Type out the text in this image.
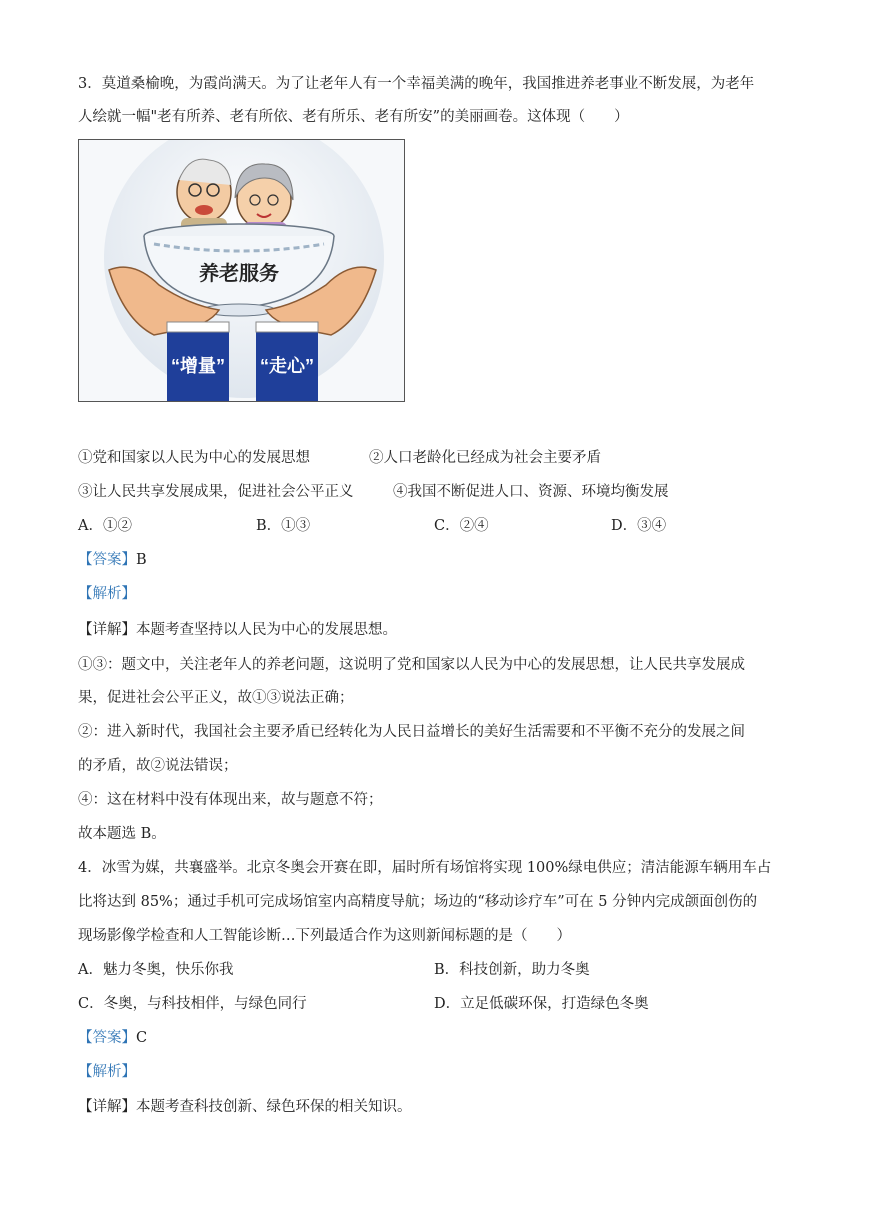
3．莫道桑榆晚，为霞尚满天。为了让老年人有一个幸福美满的晚年，我国推进养老事业不断发展，为老年
人绘就一幅"老有所养、老有所依、老有所乐、老有所安”的美丽画卷。这体现（　　）
养老服务
“增量” “走心”
①党和国家以人民为中心的发展思想	②人口老龄化已经成为社会主要矛盾
③让人民共享发展成果，促进社会公平正义	④我国不断促进人口、资源、环境均衡发展
A．①②	B．①③	C．②④	D．③④
【答案】B
【解析】
【详解】本题考查坚持以人民为中心的发展思想。
①③：题文中，关注老年人的养老问题，这说明了党和国家以人民为中心的发展思想，让人民共享发展成
果，促进社会公平正义，故①③说法正确；
②：进入新时代，我国社会主要矛盾已经转化为人民日益增长的美好生活需要和不平衡不充分的发展之间
的矛盾，故②说法错误；
④：这在材料中没有体现出来，故与题意不符；
故本题选 B。
4．冰雪为媒，共襄盛举。北京冬奥会开赛在即，届时所有场馆将实现 100%绿电供应；清洁能源车辆用车占
比将达到 85%；通过手机可完成场馆室内高精度导航；场边的“移动诊疗车”可在 5 分钟内完成颌面创伤的
现场影像学检查和人工智能诊断…下列最适合作为这则新闻标题的是（　　）
A．魅力冬奥，快乐你我	B．科技创新，助力冬奥
C．冬奥，与科技相伴，与绿色同行	D．立足低碳环保，打造绿色冬奥
【答案】C
【解析】
【详解】本题考查科技创新、绿色环保的相关知识。
